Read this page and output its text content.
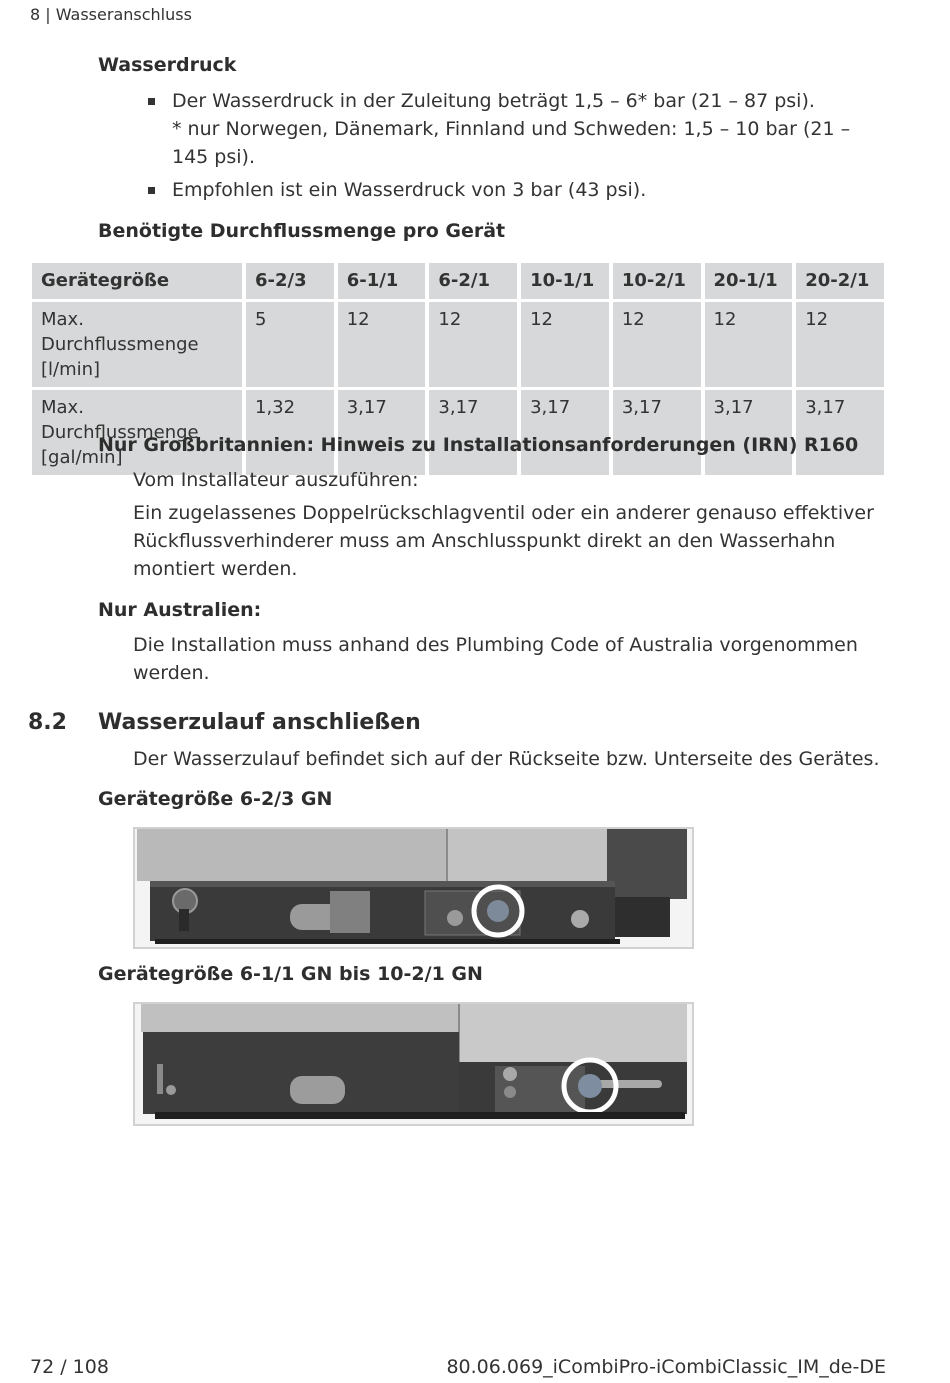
8 | Wasseranschluss
Wasserdruck
Der Wasserdruck in der Zuleitung beträgt 1,5 – 6* bar (21 – 87 psi).
* nur Norwegen, Dänemark, Finnland und Schweden: 1,5 – 10 bar (21 – 145 psi).
Empfohlen ist ein Wasserdruck von 3 bar (43 psi).
Benötigte Durchflussmenge pro Gerät
Gerätegröße	6-2/3	6-1/1	6-2/1	10-1/1	10-2/1	20-1/1	20-2/1
Max. Durchflussmenge [l/min]	5	12	12	12	12	12	12
Max. Durchflussmenge [gal/min]	1,32	3,17	3,17	3,17	3,17	3,17	3,17
Nur Großbritannien: Hinweis zu Installationsanforderungen (IRN) R160
Vom Installateur auszuführen:
Ein zugelassenes Doppelrückschlagventil oder ein anderer genauso effektiver Rückflussverhinderer muss am Anschlusspunkt direkt an den Wasserhahn montiert werden.
Nur Australien:
Die Installation muss anhand des Plumbing Code of Australia vorgenommen werden.
8.2 Wasserzulauf anschließen
Der Wasserzulauf befindet sich auf der Rückseite bzw. Unterseite des Gerätes.
Gerätegröße 6-2/3 GN
Gerätegröße 6-1/1 GN bis 10-2/1 GN
72 / 108	80.06.069_iCombiPro-iCombiClassic_IM_de-DE
